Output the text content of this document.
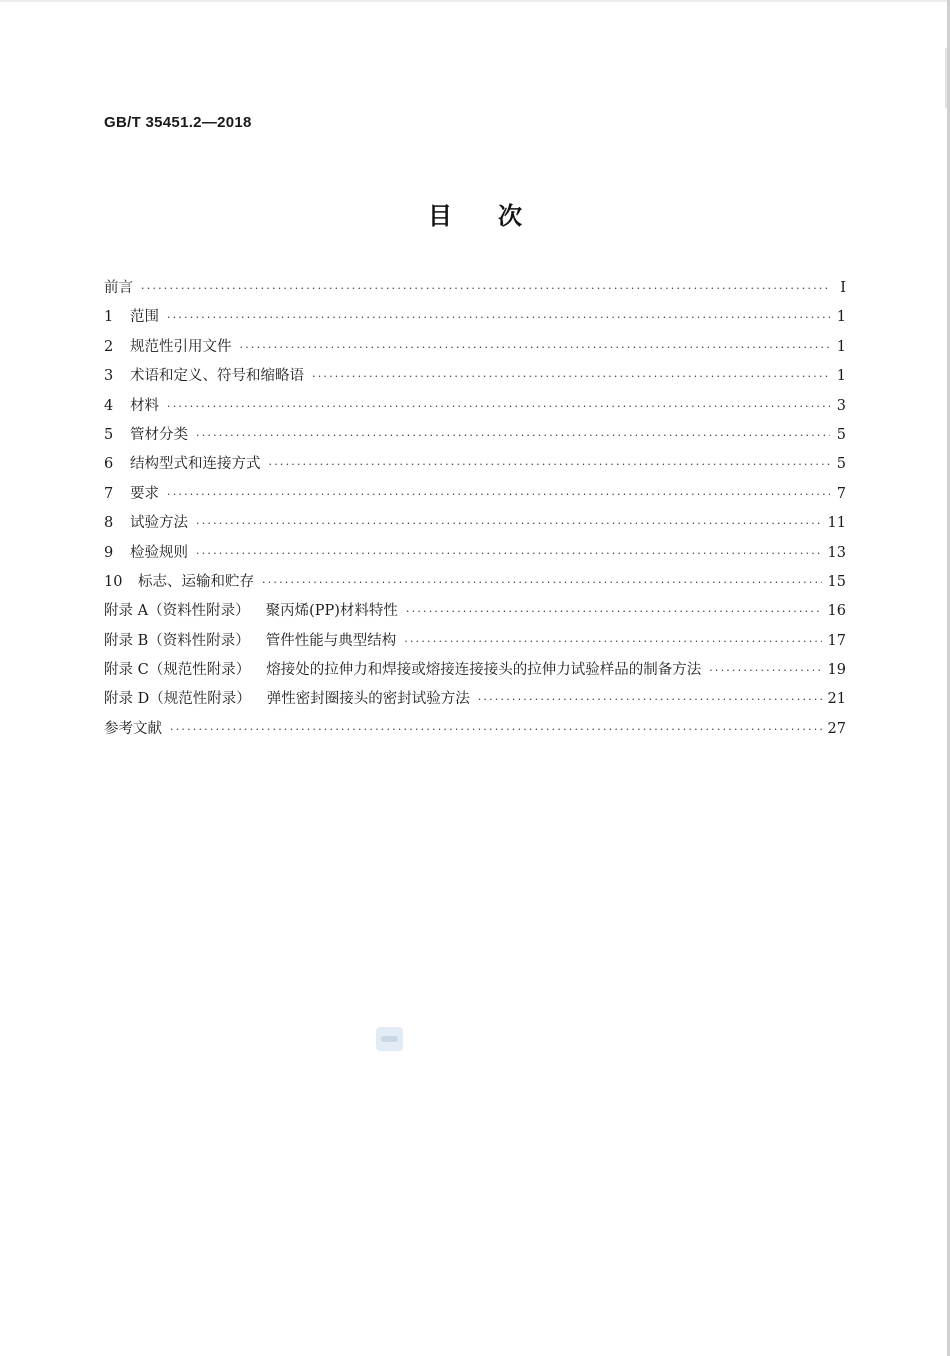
GB/T 35451.2—2018
目次
前言 ·····	I
1 范围 ·····	1
2 规范性引用文件 ·····	1
3 术语和定义、符号和缩略语 ·····	1
4 材料 ·····	3
5 管材分类 ·····	5
6 结构型式和连接方式 ·····	5
7 要求 ·····	7
8 试验方法 ·····	11
9 检验规则 ·····	13
10 标志、运输和贮存 ·····	15
附录 A（资料性附录） 聚丙烯(PP)材料特性 ·····	16
附录 B（资料性附录） 管件性能与典型结构 ·····	17
附录 C（规范性附录） 熔接处的拉伸力和焊接或熔接连接接头的拉伸力试验样品的制备方法 ·····	19
附录 D（规范性附录） 弹性密封圈接头的密封试验方法 ·····	21
参考文献 ·····	27
